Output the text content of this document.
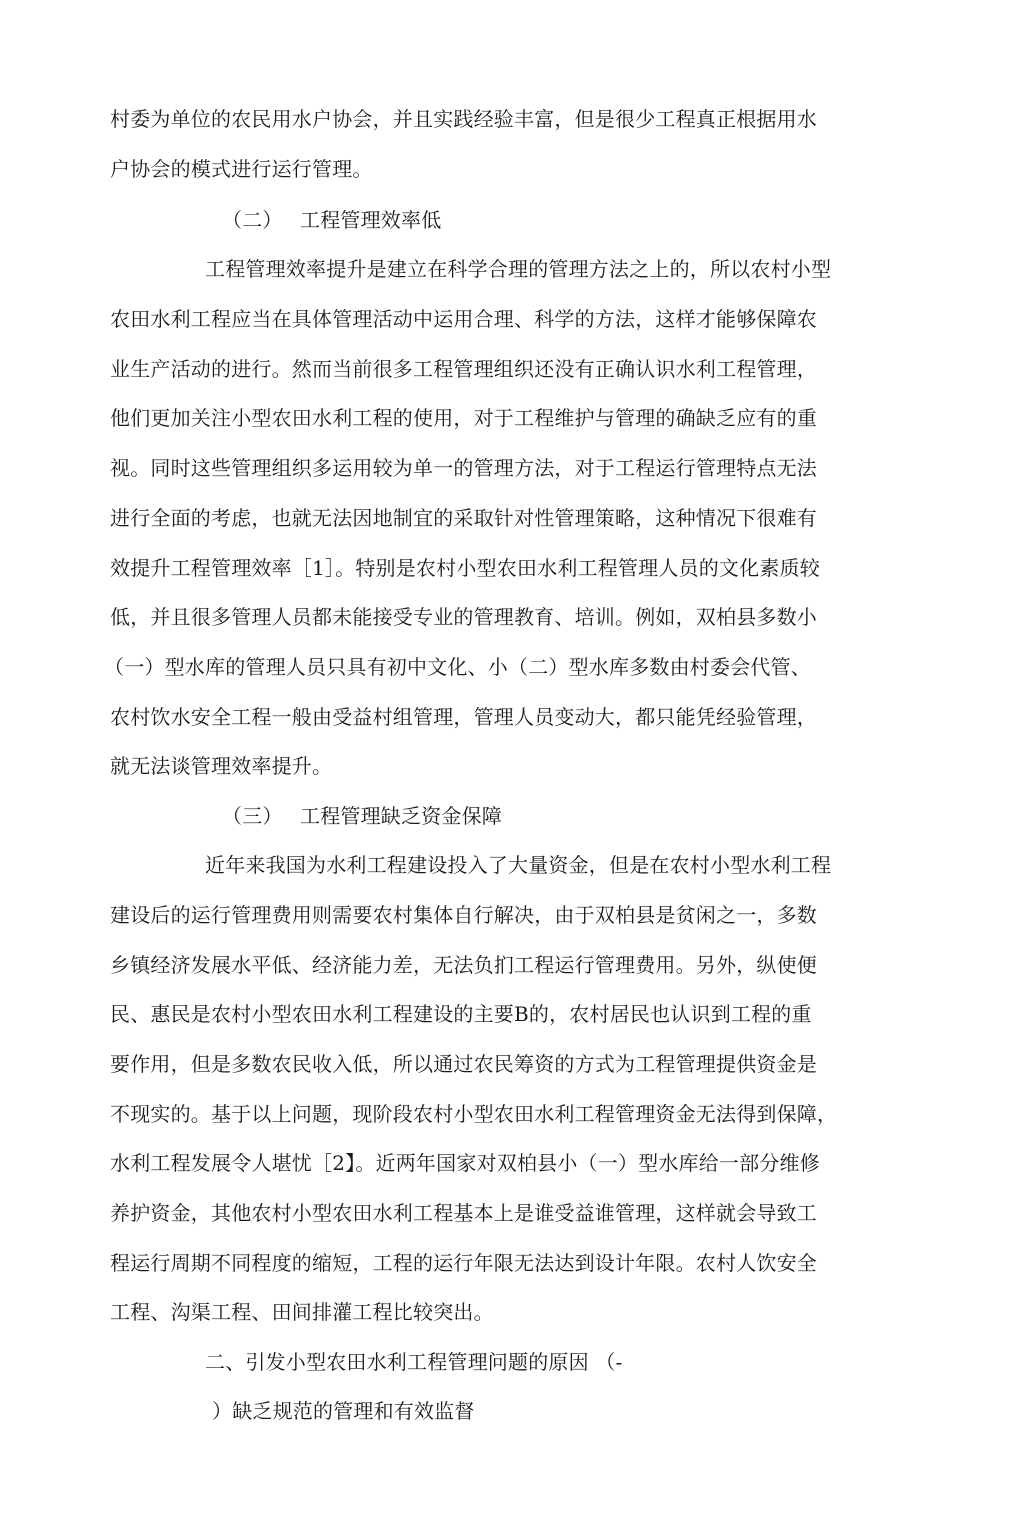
村委为单位的农民用水户协会，并且实践经验丰富，但是很少工程真正根据用水
户协会的模式进行运行管理。
（二） 工程管理效率低
工程管理效率提升是建立在科学合理的管理方法之上的，所以农村小型
农田水利工程应当在具体管理活动中运用合理、科学的方法，这样才能够保障农
业生产活动的进行。然而当前很多工程管理组织还没有正确认识水利工程管理，
他们更加关注小型农田水利工程的使用，对于工程维护与管理的确缺乏应有的重
视。同时这些管理组织多运用较为单一的管理方法，对于工程运行管理特点无法
进行全面的考虑，也就无法因地制宜的采取针对性管理策略，这种情况下很难有
效提升工程管理效率［1］。特别是农村小型农田水利工程管理人员的文化素质较
低，并且很多管理人员都未能接受专业的管理教育、培训。例如，双柏县多数小
（一）型水库的管理人员只具有初中文化、小（二）型水库多数由村委会代管、
农村饮水安全工程一般由受益村组管理，管理人员变动大，都只能凭经验管理，
就无法谈管理效率提升。
（三） 工程管理缺乏资金保障
近年来我国为水利工程建设投入了大量资金，但是在农村小型水利工程
建设后的运行管理费用则需要农村集体自行解决，由于双柏县是贫闲之一，多数
乡镇经济发展水平低、经济能力差，无法负扪工程运行管理费用。另外，纵使便
民、惠民是农村小型农田水利工程建设的主要B的，农村居民也认识到工程的重
要作用，但是多数农民收入低，所以通过农民筹资的方式为工程管理提供资金是
不现实的。基于以上问题，现阶段农村小型农田水利工程管理资金无法得到保障，
水利工程发展令人堪忧［2】。近两年国家对双柏县小（一）型水库给一部分维修
养护资金，其他农村小型农田水利工程基本上是谁受益谁管理，这样就会导致工
程运行周期不同程度的缩短，工程的运行年限无法达到设计年限。农村人饮安全
工程、沟渠工程、田间排灌工程比较突出。
二、引发小型农田水利工程管理问题的原因 （-
）缺乏规范的管理和有效监督
